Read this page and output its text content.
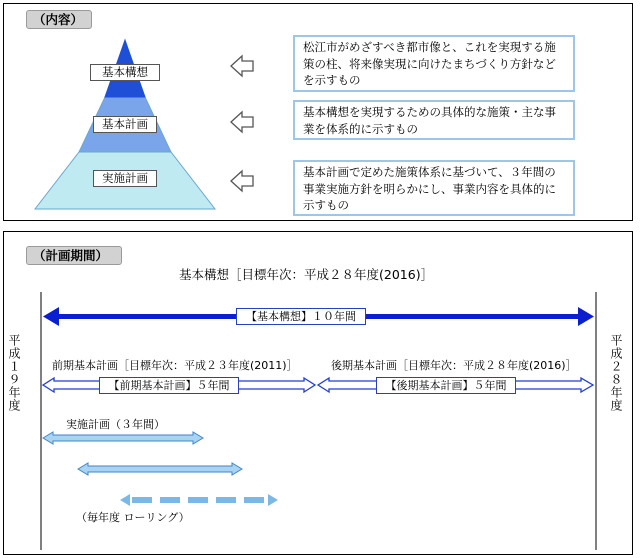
（内容）
基本構想
基本計画
実施計画
松江市がめざすべき都市像と、これを実現する施
策の柱、将来像実現に向けたまちづくり方針など
を示すもの
基本構想を実現するための具体的な施策・主な事
業を体系的に示すもの
基本計画で定めた施策体系に基づいて、３年間の
事業実施方針を明らかにし、事業内容を具体的に
示すもの
（計画期間）
基本構想［目標年次：平成２８年度(2016)］
平成１９年度	平成２８年度
【基本構想】１０年間
前期基本計画［目標年次：平成２３年度(2011)］	後期基本計画［目標年次：平成２８年度(2016)］
【前期基本計画】５年間	【後期基本計画】５年間
実施計画（３年間）
（毎年度 ローリング）
